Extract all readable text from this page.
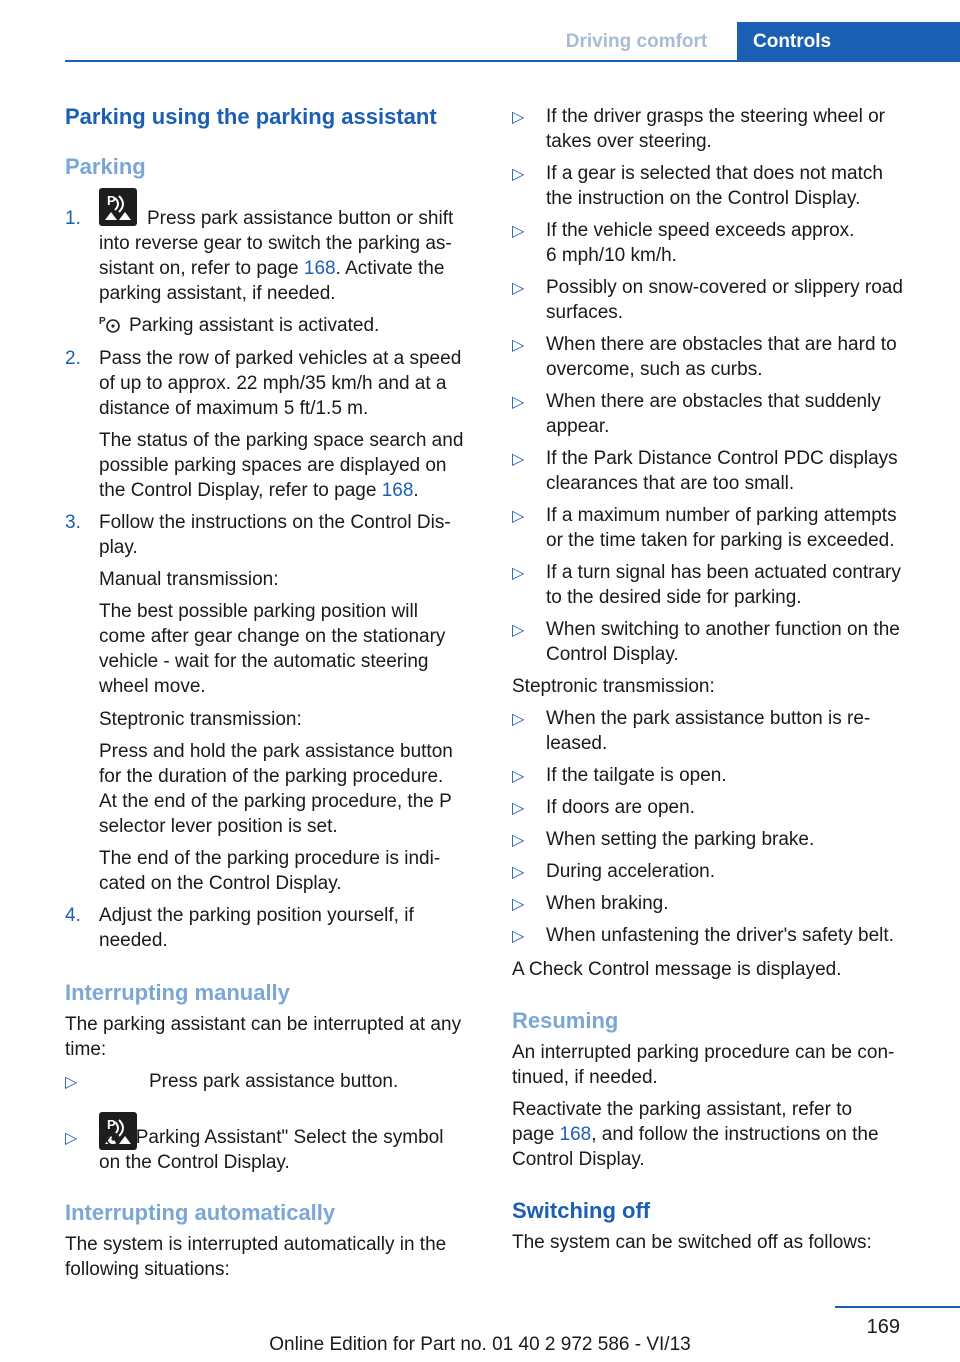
Driving comfort	Controls
Parking using the parking assistant
Parking
1.
P
Press park assistance button or shift
into reverse gear to switch the parking as-
sistant on, refer to page 168. Activate the
parking assistant, if needed.
P Parking assistant is activated.
2. Pass the row of parked vehicles at a speed
of up to approx. 22 mph/35 km/h and at a
distance of maximum 5 ft/1.5 m.
The status of the parking space search and
possible parking spaces are displayed on
the Control Display, refer to page 168.
3. Follow the instructions on the Control Dis-
play.
Manual transmission:
The best possible parking position will
come after gear change on the stationary
vehicle - wait for the automatic steering
wheel move.
Steptronic transmission:
Press and hold the park assistance button
for the duration of the parking procedure.
At the end of the parking procedure, the P
selector lever position is set.
The end of the parking procedure is indi-
cated on the Control Display.
4. Adjust the parking position yourself, if
needed.
Interrupting manually
The parking assistant can be interrupted at any
time:
▷
P
Press park assistance button.
▷ P "Parking Assistant" Select the symbol
on the Control Display.
Interrupting automatically
The system is interrupted automatically in the
following situations:
▷ If the driver grasps the steering wheel or
takes over steering.
▷ If a gear is selected that does not match
the instruction on the Control Display.
▷ If the vehicle speed exceeds approx.
6 mph/10 km/h.
▷ Possibly on snow-covered or slippery road
surfaces.
▷ When there are obstacles that are hard to
overcome, such as curbs.
▷ When there are obstacles that suddenly
appear.
▷ If the Park Distance Control PDC displays
clearances that are too small.
▷ If a maximum number of parking attempts
or the time taken for parking is exceeded.
▷ If a turn signal has been actuated contrary
to the desired side for parking.
▷ When switching to another function on the
Control Display.
Steptronic transmission:
▷ When the park assistance button is re-
leased.
▷ If the tailgate is open.
▷ If doors are open.
▷ When setting the parking brake.
▷ During acceleration.
▷ When braking.
▷ When unfastening the driver's safety belt.
Resuming
A Check Control message is displayed.
An interrupted parking procedure can be con-
tinued, if needed.
Reactivate the parking assistant, refer to
page 168, and follow the instructions on the
Control Display.
Switching off
The system can be switched off as follows:
169
Online Edition for Part no. 01 40 2 972 586 - VI/13
